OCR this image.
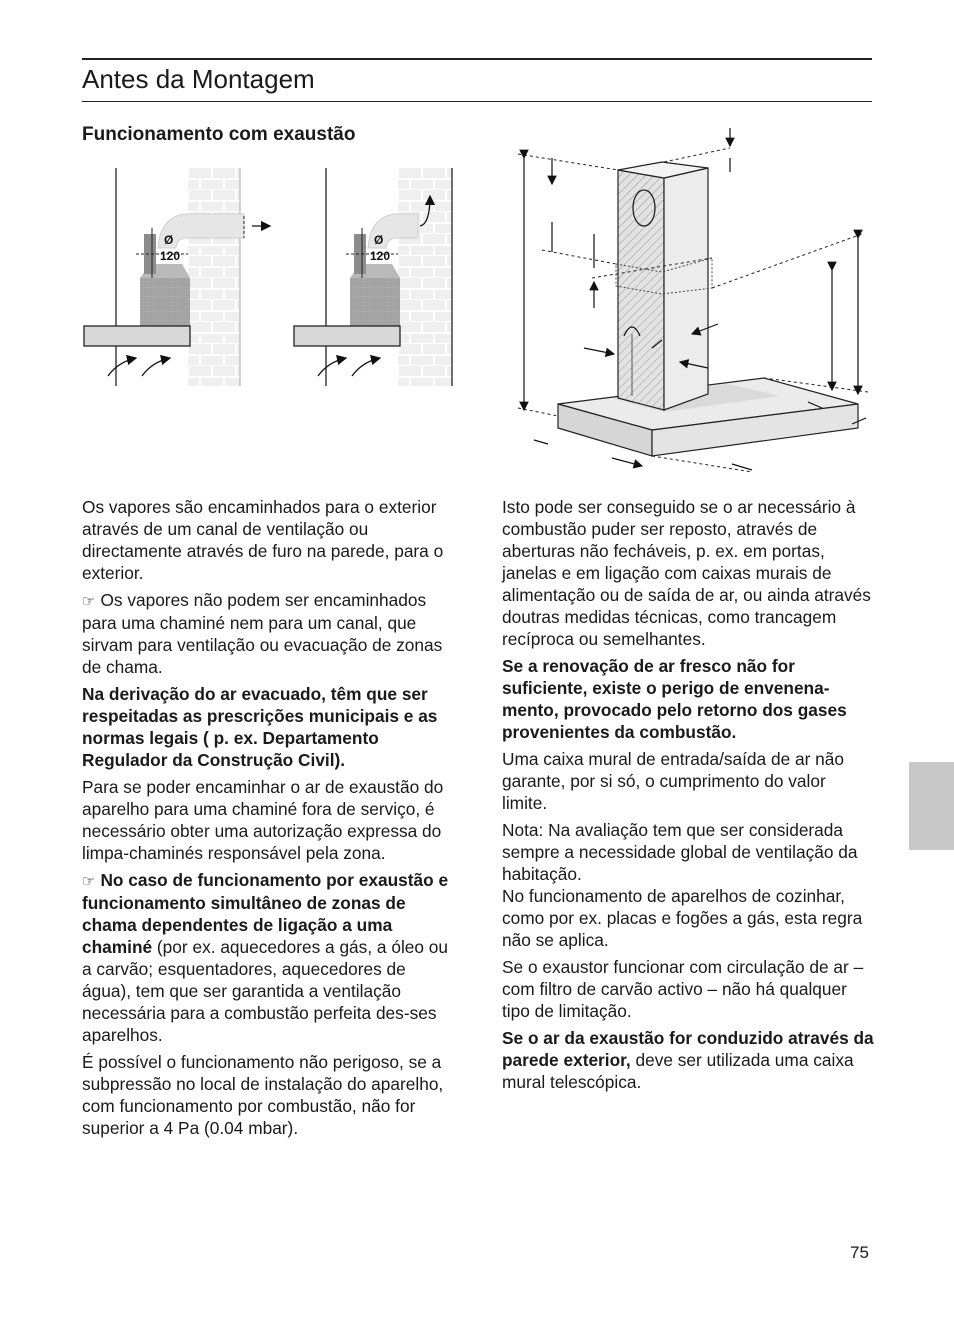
Antes da Montagem
Funcionamento com exaustão
Ø
120
Ø
120

Os vapores são encaminhados para o exterior através de um canal de ventilação ou directamente através de furo na parede, para o exterior.

☞ Os vapores não podem ser encaminhados para uma chaminé nem para um canal, que sirvam para ventilação ou evacuação de zonas de chama.

Na derivação do ar evacuado, têm que ser respeitadas as prescrições municipais e as normas legais ( p. ex. Departamento Regulador da Construção Civil).

Para se poder encaminhar o ar de exaustão do aparelho para uma chaminé fora de serviço, é necessário obter uma autorização expressa do limpa-chaminés responsável pela zona.

☞ No caso de funcionamento por exaustão e funcionamento simultâneo de zonas de chama dependentes de ligação a uma chaminé (por ex. aquecedores a gás, a óleo ou a carvão; esquentadores, aquecedores de água), tem que ser garantida a ventilação necessária para a combustão perfeita des-ses aparelhos.

É possível o funcionamento não perigoso, se a subpressão no local de instalação do aparelho, com funcionamento por combustão, não for superior a 4 Pa (0.04 mbar).

Isto pode ser conseguido se o ar necessário à combustão puder ser reposto, através de aberturas não fecháveis, p. ex. em portas, janelas e em ligação com caixas murais de alimentação ou de saída de ar, ou ainda através doutras medidas técnicas, como trancagem recíproca ou semelhantes.

Se a renovação de ar fresco não for suficiente, existe o perigo de envenena-mento, provocado pelo retorno dos gases provenientes da combustão.

Uma caixa mural de entrada/saída de ar não garante, por si só, o cumprimento do valor limite.

Nota: Na avaliação tem que ser considerada sempre a necessidade global de ventilação da habitação.
No funcionamento de aparelhos de cozinhar, como por ex. placas e fogões a gás, esta regra não se aplica.

Se o exaustor funcionar com circulação de ar – com filtro de carvão activo – não há qualquer tipo de limitação.

Se o ar da exaustão for conduzido através da parede exterior, deve ser utilizada uma caixa mural telescópica.

75
